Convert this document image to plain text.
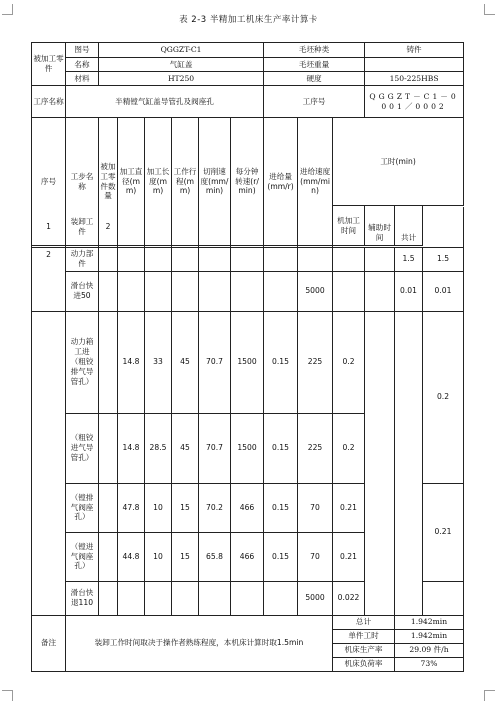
表 2-3 半精加工机床生产率计算卡
被加工零件	图号	QGGZT-C1						毛坯种类			铸件	
	名称	气缸盖						毛坯重量				
	材料	HT250						硬度			150-225HBS	
工序名称	半精镗气缸盖导管孔及阀座孔							工序号			QGGZT－C1－0001／0002	
序号	工步名称	被加工零件数量	加工直径(mm)	加工长度(mm)	工作行程(mm)	切削速度(mm/min)	每分钟转速(r/min)	进给量(mm/r)	进给速度(mm/min)	工时(min)		
										机加工时间	辅助时间	共计

1	装卸工件	2											
2	动力部件											1.5	1.5
	滑台快进50								5000			0.01	0.01
	动力箱工进（粗铰排气导管孔）		14.8	33	45	70.7	1500	0.15	225	0.2			0.2
	（粗铰进气导管孔）		14.8	28.5	45	70.7	1500	0.15	225	0.2			
	（镗排气阀座孔）		47.8	10	15	70.2	466	0.15	70	0.21			0.21
	（镗进气阀座孔）		44.8	10	15	65.8	466	0.15	70	0.21			
	滑台快退110								5000	0.022			
备注	装卸工作时间取决于操作者熟练程度，本机床计算时取1.5min									总计		1.942min	
										单件工时		1.942min	
										机床生产率		29.09 件/h	
										机床负荷率		73%	
